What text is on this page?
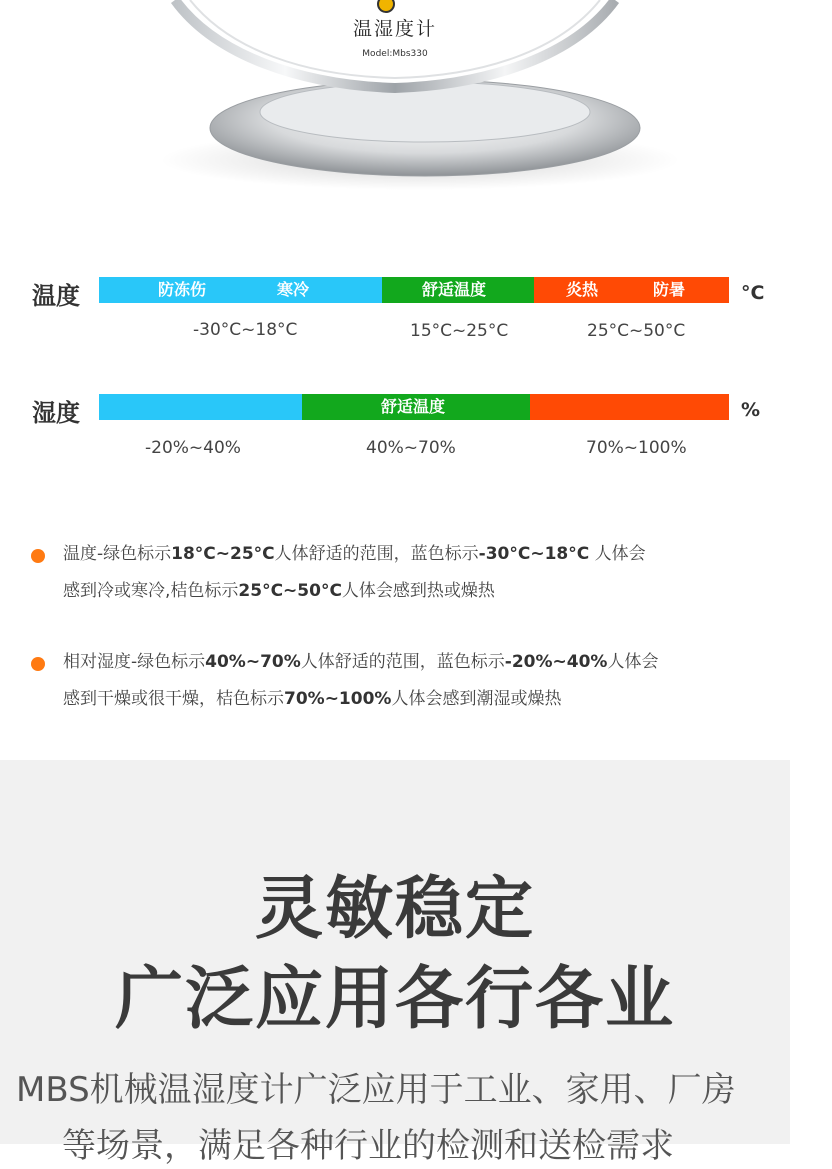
温湿度计
Model:Mbs330
温度	防冻伤	寒冷	舒适温度	炎热	防暑	°C
-30°C~18°C	15°C~25°C	25°C~50°C
湿度	舒适温度	%
-20%~40%	40%~70%	70%~100%
温度-绿色标示18°C~25°C人体舒适的范围，蓝色标示-30°C~18°C 人体会
感到冷或寒冷,桔色标示25°C~50°C人体会感到热或燥热
相对湿度-绿色标示40%~70%人体舒适的范围，蓝色标示-20%~40%人体会
感到干燥或很干燥，桔色标示70%~100%人体会感到潮湿或燥热
灵敏稳定
广泛应用各行各业
MBS机械温湿度计广泛应用于工业、家用、厂房
等场景，满足各种行业的检测和送检需求
